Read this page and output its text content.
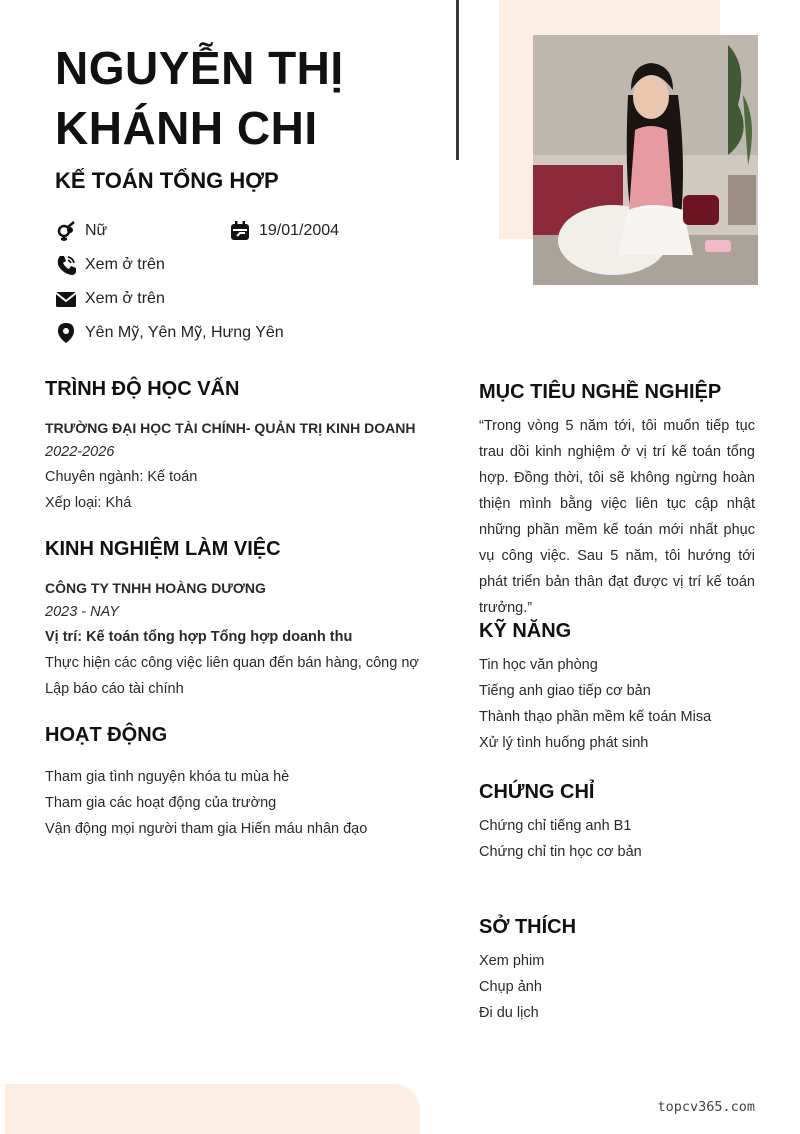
NGUYỄN THỊ
KHÁNH CHI
KẾ TOÁN TỔNG HỢP
Nữ	19/01/2004
Xem ở trên
Xem ở trên
Yên Mỹ, Yên Mỹ, Hưng Yên
TRÌNH ĐỘ HỌC VẤN
TRƯỜNG ĐẠI HỌC TÀI CHÍNH- QUẢN TRỊ KINH DOANH
2022-2026
Chuyên ngành: Kế toán
Xếp loại: Khá
KINH NGHIỆM LÀM VIỆC
CÔNG TY TNHH HOÀNG DƯƠNG
2023 - NAY
Vị trí: Kế toán tổng hợp Tổng hợp doanh thu
Thực hiện các công việc liên quan đến bán hàng, công nợ
Lập báo cáo tài chính
HOẠT ĐỘNG
Tham gia tình nguyện khóa tu mùa hè
Tham gia các hoạt động của trường
Vận động mọi người tham gia Hiến máu nhân đạo
MỤC TIÊU NGHỀ NGHIỆP
“Trong vòng 5 năm tới, tôi muốn tiếp tục trau dồi kinh nghiệm ở vị trí kế toán tổng hợp. Đồng thời, tôi sẽ không ngừng hoàn thiện mình bằng việc liên tục cập nhật những phần mềm kế toán mới nhất phục vụ công việc. Sau 5 năm, tôi hướng tới phát triển bản thân đạt được vị trí kế toán trưởng.”
KỸ NĂNG
Tin học văn phòng
Tiếng anh giao tiếp cơ bản
Thành thạo phần mềm kế toán Misa
Xử lý tình huống phát sinh
CHỨNG CHỈ
Chứng chỉ tiếng anh B1
Chứng chỉ tin học cơ bản
SỞ THÍCH
Xem phim
Chụp ảnh
Đi du lịch
topcv365.com
